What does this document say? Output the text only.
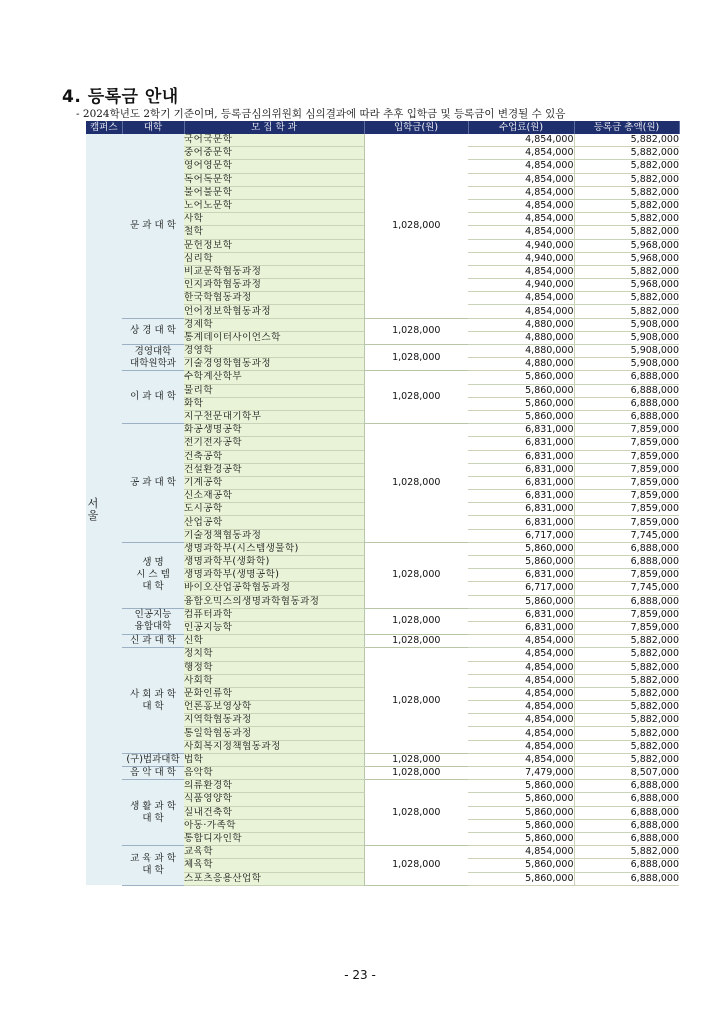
4. 등록금 안내
- 2024학년도 2학기 기준이며, 등록금심의위원회 심의결과에 따라 추후 입학금 및 등록금이 변경될 수 있음
캠퍼스	대학	모 집 학 과	입학금(원)	수업료(원)	등록금 총액(원)
서울	문 과 대 학	국어국문학	1,028,000	4,854,000	5,882,000
		중어중문학		4,854,000	5,882,000
		영어영문학		4,854,000	5,882,000
		독어독문학		4,854,000	5,882,000
		불어불문학		4,854,000	5,882,000
		노어노문학		4,854,000	5,882,000
		사학		4,854,000	5,882,000
		철학		4,854,000	5,882,000
		문헌정보학		4,940,000	5,968,000
		심리학		4,940,000	5,968,000
		비교문학협동과정		4,854,000	5,882,000
		인지과학협동과정		4,940,000	5,968,000
		한국학협동과정		4,854,000	5,882,000
		언어정보학협동과정		4,854,000	5,882,000
	상 경 대 학	경제학	1,028,000	4,880,000	5,908,000
		통계데이터사이언스학		4,880,000	5,908,000
	경영대학
대학원학과	경영학	1,028,000	4,880,000	5,908,000
		기술경영학협동과정		4,880,000	5,908,000
	이 과 대 학	수학계산학부	1,028,000	5,860,000	6,888,000
		물리학		5,860,000	6,888,000
		화학		5,860,000	6,888,000
		지구천문대기학부		5,860,000	6,888,000
	공 과 대 학	화공생명공학	1,028,000	6,831,000	7,859,000
		전기전자공학		6,831,000	7,859,000
		건축공학		6,831,000	7,859,000
		건설환경공학		6,831,000	7,859,000
		기계공학		6,831,000	7,859,000
		신소재공학		6,831,000	7,859,000
		도시공학		6,831,000	7,859,000
		산업공학		6,831,000	7,859,000
		기술정책협동과정		6,717,000	7,745,000
	생 명
시 스 템
대 학	생명과학부(시스템생물학)	1,028,000	5,860,000	6,888,000
		생명과학부(생화학)		5,860,000	6,888,000
		생명과학부(생명공학)		6,831,000	7,859,000
		바이오산업공학협동과정		6,717,000	7,745,000
		융합오믹스의생명과학협동과정		5,860,000	6,888,000
	인공지능
융합대학	컴퓨터과학	1,028,000	6,831,000	7,859,000
		인공지능학		6,831,000	7,859,000
	신 과 대 학	신학	1,028,000	4,854,000	5,882,000
	사 회 과 학
대 학	정치학	1,028,000	4,854,000	5,882,000
		행정학		4,854,000	5,882,000
		사회학		4,854,000	5,882,000
		문화인류학		4,854,000	5,882,000
		언론홍보영상학		4,854,000	5,882,000
		지역학협동과정		4,854,000	5,882,000
		통일학협동과정		4,854,000	5,882,000
		사회복지정책협동과정		4,854,000	5,882,000
	(구)법과대학	법학	1,028,000	4,854,000	5,882,000
	음 악 대 학	음악학	1,028,000	7,479,000	8,507,000
	생 활 과 학
대 학	의류환경학	1,028,000	5,860,000	6,888,000
		식품영양학		5,860,000	6,888,000
		실내건축학		5,860,000	6,888,000
		아동·가족학		5,860,000	6,888,000
		통합디자인학		5,860,000	6,888,000
	교 육 과 학
대 학	교육학	1,028,000	4,854,000	5,882,000
		체육학		5,860,000	6,888,000
		스포츠응용산업학		5,860,000	6,888,000
- 23 -
